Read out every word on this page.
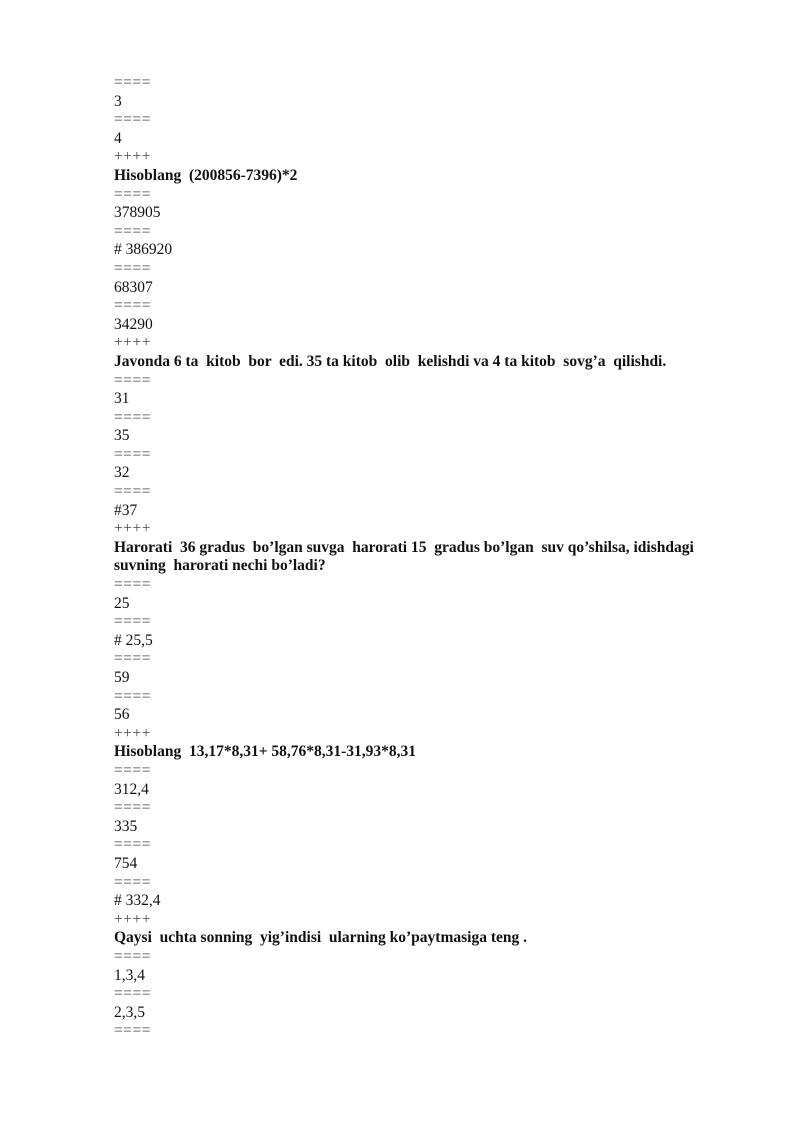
====
3
====
4
++++
Hisoblang  (200856-7396)*2
====
378905
====
# 386920
====
68307
====
34290
++++
Javonda 6 ta  kitob  bor  edi. 35 ta kitob  olib  kelishdi va 4 ta kitob  sovg’a  qilishdi.
====
31
====
35
====
32
====
#37
++++
Harorati  36 gradus  bo’lgan suvga  harorati 15  gradus bo’lgan  suv qo’shilsa, idishdagi
suvning  harorati nechi bo’ladi?
====
25
====
# 25,5
====
59
====
56
++++
Hisoblang  13,17*8,31+ 58,76*8,31-31,93*8,31
====
312,4
====
335
====
754
====
# 332,4
++++
Qaysi  uchta sonning  yig’indisi  ularning ko’paytmasiga teng .
====
1,3,4
====
2,3,5
====
